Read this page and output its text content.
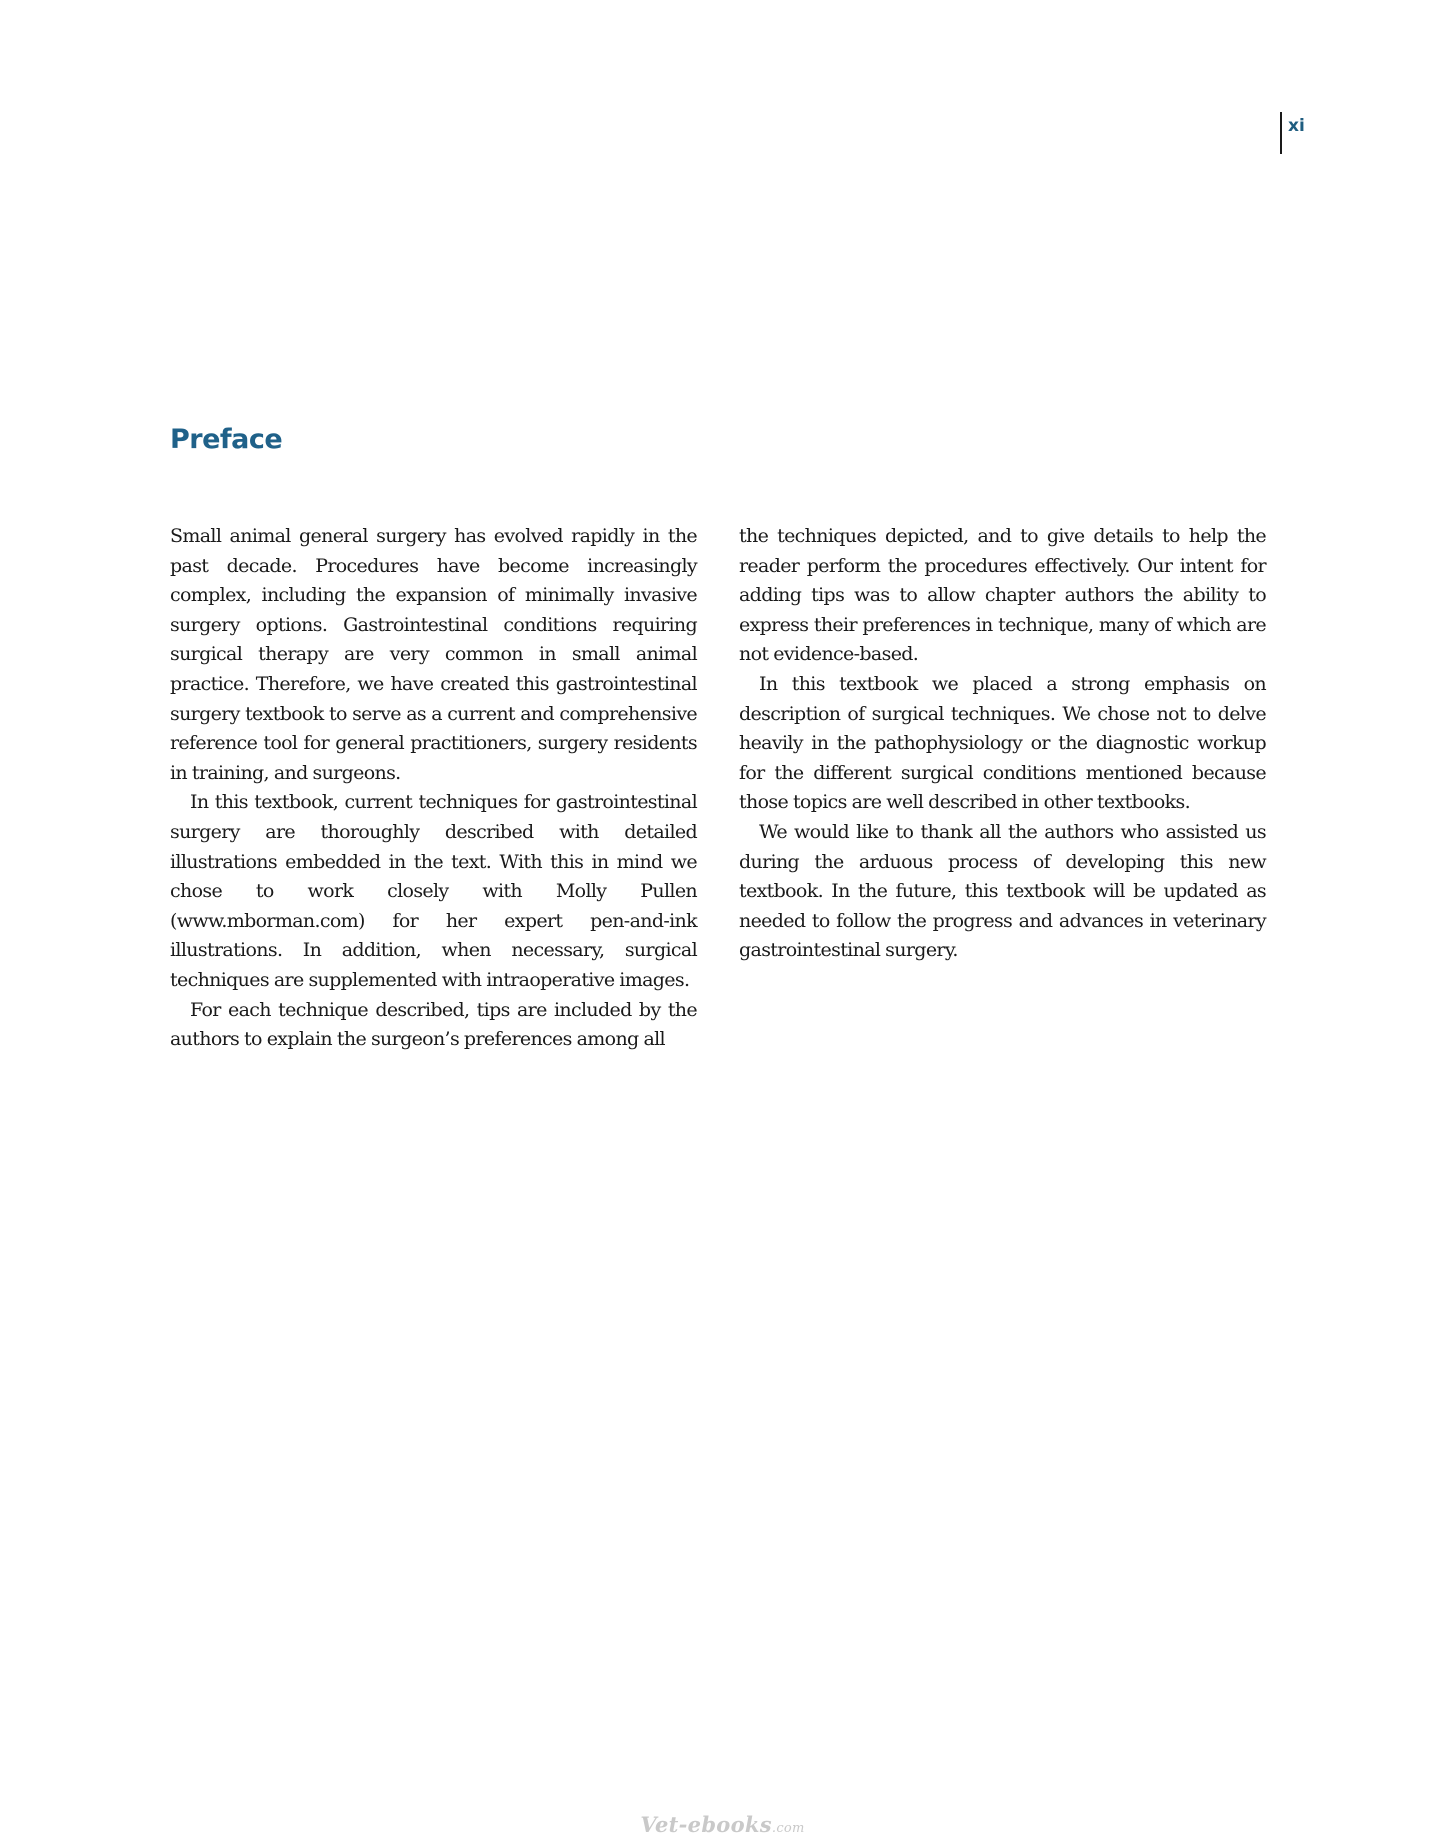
xi
Preface

Small animal general surgery has evolved rapidly in the past decade. Procedures have become increasingly complex, including the expansion of minimally invasive surgery options. Gastrointestinal conditions requiring surgical therapy are very common in small animal practice. Therefore, we have created this gastrointestinal surgery textbook to serve as a current and comprehensive reference tool for general practitioners, surgery residents in training, and surgeons.

In this textbook, current techniques for gastrointestinal surgery are thoroughly described with detailed illustrations embedded in the text. With this in mind we chose to work closely with Molly Pullen (www.mborman.com) for her expert pen-and-ink illustrations. In addition, when necessary, surgical techniques are supplemented with intraoperative images.

For each technique described, tips are included by the authors to explain the surgeon’s preferences among all

the techniques depicted, and to give details to help the reader perform the procedures effectively. Our intent for adding tips was to allow chapter authors the ability to express their preferences in technique, many of which are not evidence-based.

In this textbook we placed a strong emphasis on description of surgical techniques. We chose not to delve heavily in the pathophysiology or the diagnostic workup for the different surgical conditions mentioned because those topics are well described in other textbooks.

We would like to thank all the authors who assisted us during the arduous process of developing this new textbook. In the future, this textbook will be updated as needed to follow the progress and advances in veterinary gastrointestinal surgery.

Vet-ebooks.com
